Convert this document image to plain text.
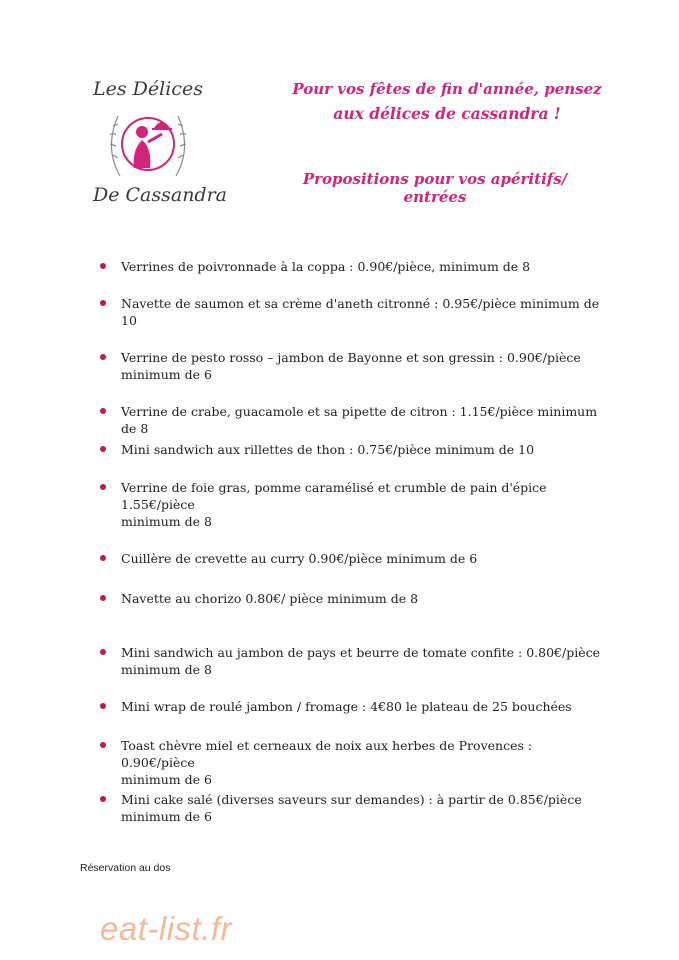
Les Délices
De Cassandra
Pour vos fêtes de fin d'année, pensez
aux délices de cassandra !
Propositions pour vos apéritifs/ entrées
Verrines de poivronnade à la coppa : 0.90€/pièce, minimum de 8
Navette de saumon et sa crème d'aneth citronné : 0.95€/pièce minimum de 10
Verrine de pesto rosso – jambon de Bayonne et son gressin : 0.90€/pièce
minimum de 6
Verrine de crabe, guacamole et sa pipette de citron : 1.15€/pièce minimum de 8
Mini sandwich aux rillettes de thon : 0.75€/pièce minimum de 10
Verrine de foie gras, pomme caramélisé et crumble de pain d'épice 1.55€/pièce
minimum de 8
Cuillère de crevette au curry 0.90€/pièce minimum de 6
Navette au chorizo 0.80€/ pièce minimum de 8
Mini sandwich au jambon de pays et beurre de tomate confite : 0.80€/pièce
minimum de 8
Mini wrap de roulé jambon / fromage : 4€80 le plateau de 25 bouchées
Toast chèvre miel et cerneaux de noix aux herbes de Provences : 0.90€/pièce
minimum de 6
Mini cake salé (diverses saveurs sur demandes) : à partir de 0.85€/pièce
minimum de 6
Réservation au dos
eat-list.fr
